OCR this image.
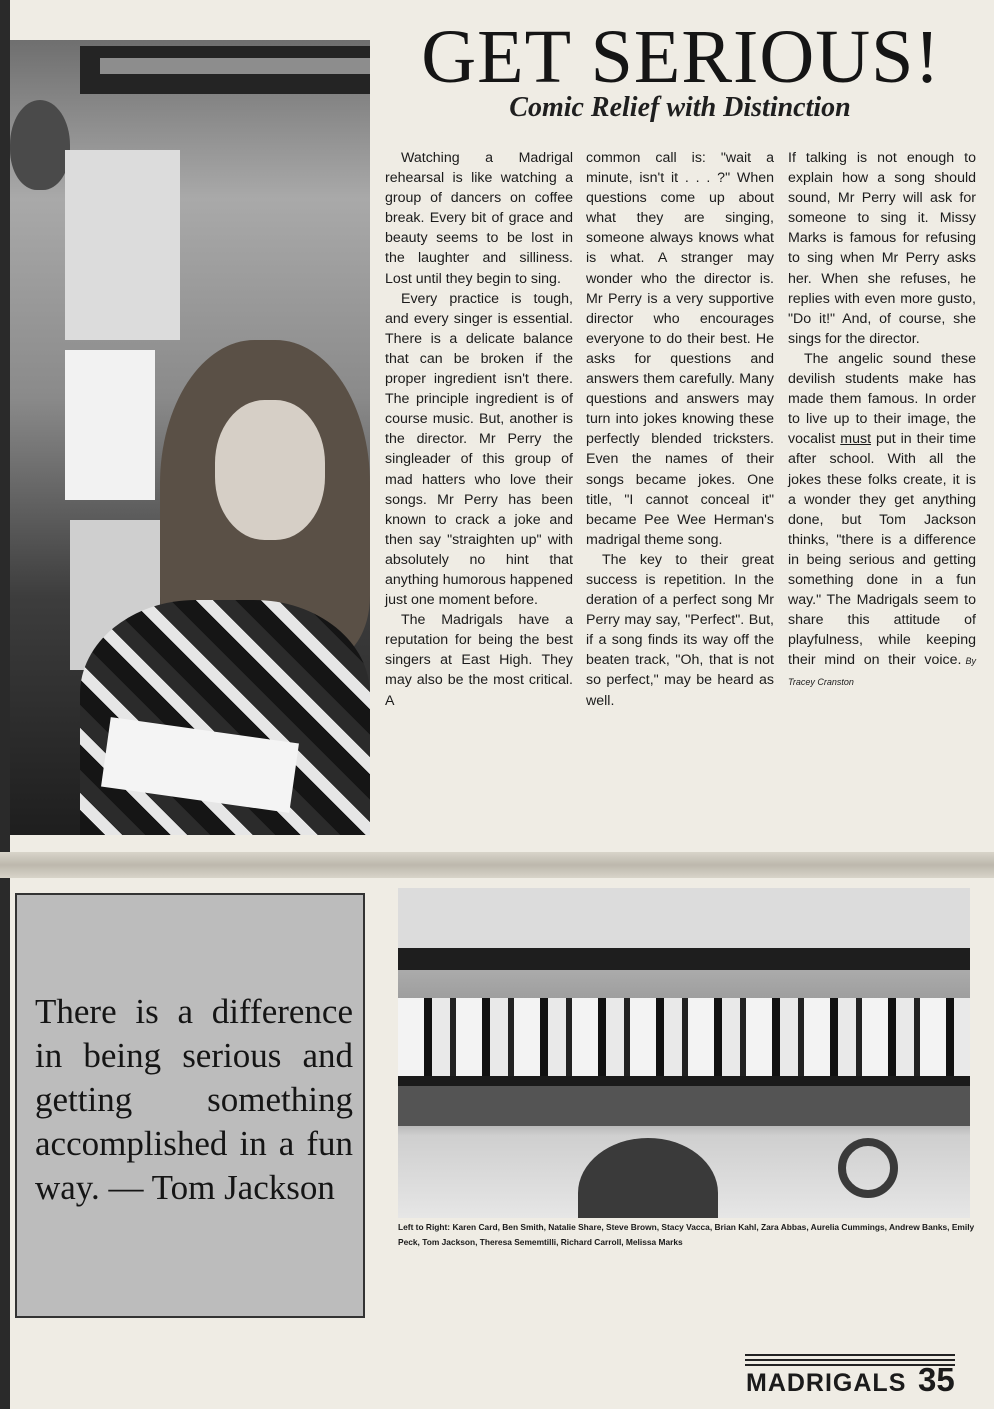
GET SERIOUS!
Comic Relief with Distinction

Watching a Madrigal rehearsal is like watching a group of dancers on coffee break. Every bit of grace and beauty seems to be lost in the laughter and silliness. Lost until they begin to sing.

Every practice is tough, and every singer is essential. There is a delicate balance that can be broken if the proper ingredient isn't there. The principle ingredient is of course music. But, another is the director. Mr Perry the singleader of this group of mad hatters who love their songs. Mr Perry has been known to crack a joke and then say "straighten up" with absolutely no hint that anything humorous happened just one moment before.

The Madrigals have a reputation for being the best singers at East High. They may also be the most critical. A

common call is: "wait a minute, isn't it . . . ?" When questions come up about what they are singing, someone always knows what is what. A stranger may wonder who the director is. Mr Perry is a very supportive director who encourages everyone to do their best. He asks for questions and answers them carefully. Many questions and answers may turn into jokes knowing these perfectly blended tricksters. Even the names of their songs became jokes. One title, "I cannot conceal it" became Pee Wee Herman's madrigal theme song.

The key to their great success is repetition. In the deration of a perfect song Mr Perry may say, "Perfect". But, if a song finds its way off the beaten track, "Oh, that is not so perfect," may be heard as well.

If talking is not enough to explain how a song should sound, Mr Perry will ask for someone to sing it. Missy Marks is famous for refusing to sing when Mr Perry asks her. When she refuses, he replies with even more gusto, "Do it!" And, of course, she sings for the director.

The angelic sound these devilish students make has made them famous. In order to live up to their image, the vocalist must put in their time after school. With all the jokes these folks create, it is a wonder they get anything done, but Tom Jackson thinks, "there is a difference in being serious and getting something done in a fun way." The Madrigals seem to share this attitude of playfulness, while keeping their mind on their voice. By Tracey Cranston

There is a difference in being serious and getting something accomplished in a fun way. — Tom Jackson
Left to Right: Karen Card, Ben Smith, Natalie Share, Steve Brown, Stacy Vacca, Brian Kahl, Zara Abbas, Aurelia Cummings, Andrew Banks, Emily Peck, Tom Jackson, Theresa Sememtilli, Richard Carroll, Melissa Marks
MADRIGALS 35
